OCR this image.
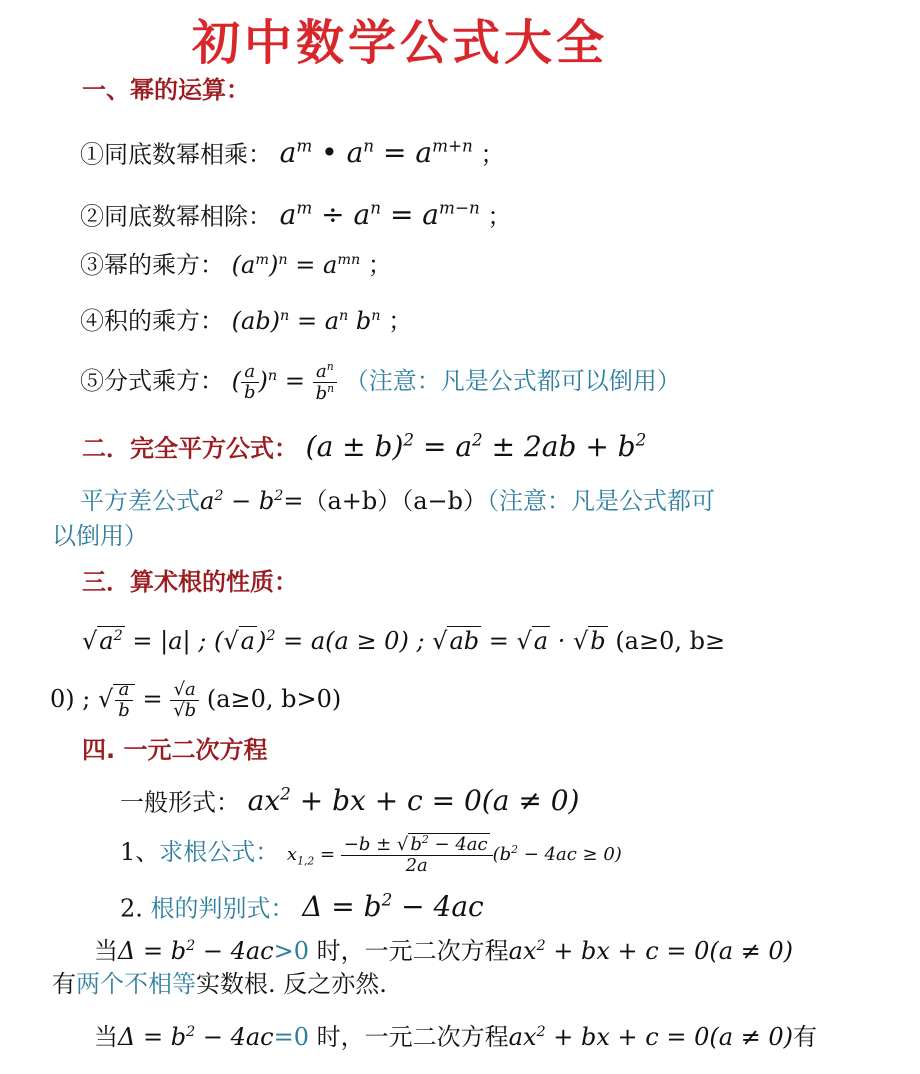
初中数学公式大全
一、幂的运算：
①同底数幂相乘： $a^m$ • $a^n = a^{m+n}$ ；
②同底数幂相除： $a^m \div a^n = a^{m-n}$ ；
③幂的乘方： $(a^m)^n = a^{mn}$ ；
④积的乘方： $(ab)^n = a^n$ $b^n$ ；
⑤分式乘方： ( $\frac{a}{b} )^n = \frac{a^n}{b^n}$ （注意：凡是公式都可以倒用）
二．完全平方公式： $(a \pm b)^2 = a^2 \pm 2ab + b^2$
平方差公式$a^2 - b^2=(a+b)(a-b)$（注意：凡是公式都可
以倒用）
三．算术根的性质：
$√a^2 = |a|$ ; $(√a)^2 = a(a \ge 0)$ ; √ab = √a · √b (a≥0, b≥
0) ; √ $\frac{a}{b} = \frac{√a}{√b} (a\ge 0$, b>0)
四. 一元二次方程
一般形式： $ax^2$ + bx + c = 0(a ≠ 0)
1、求根公式： $x_{1,2} = \frac{-b \pm √ b^2 - 4ac}{2a} (b^2 - 4ac \ge 0)$
2. 根的判别式： $\Delta = b^2 - 4ac$
当$\Delta = b^2 - 4ac>0$ 时，一元二次方程$ax^2$ + bx + c = 0(a ≠ 0)
有两个不相等实数根. 反之亦然.
当$\Delta = b^2 - 4ac=0$ 时，一元二次方程$ax^2$ + bx + c = 0(a ≠ 0)有
